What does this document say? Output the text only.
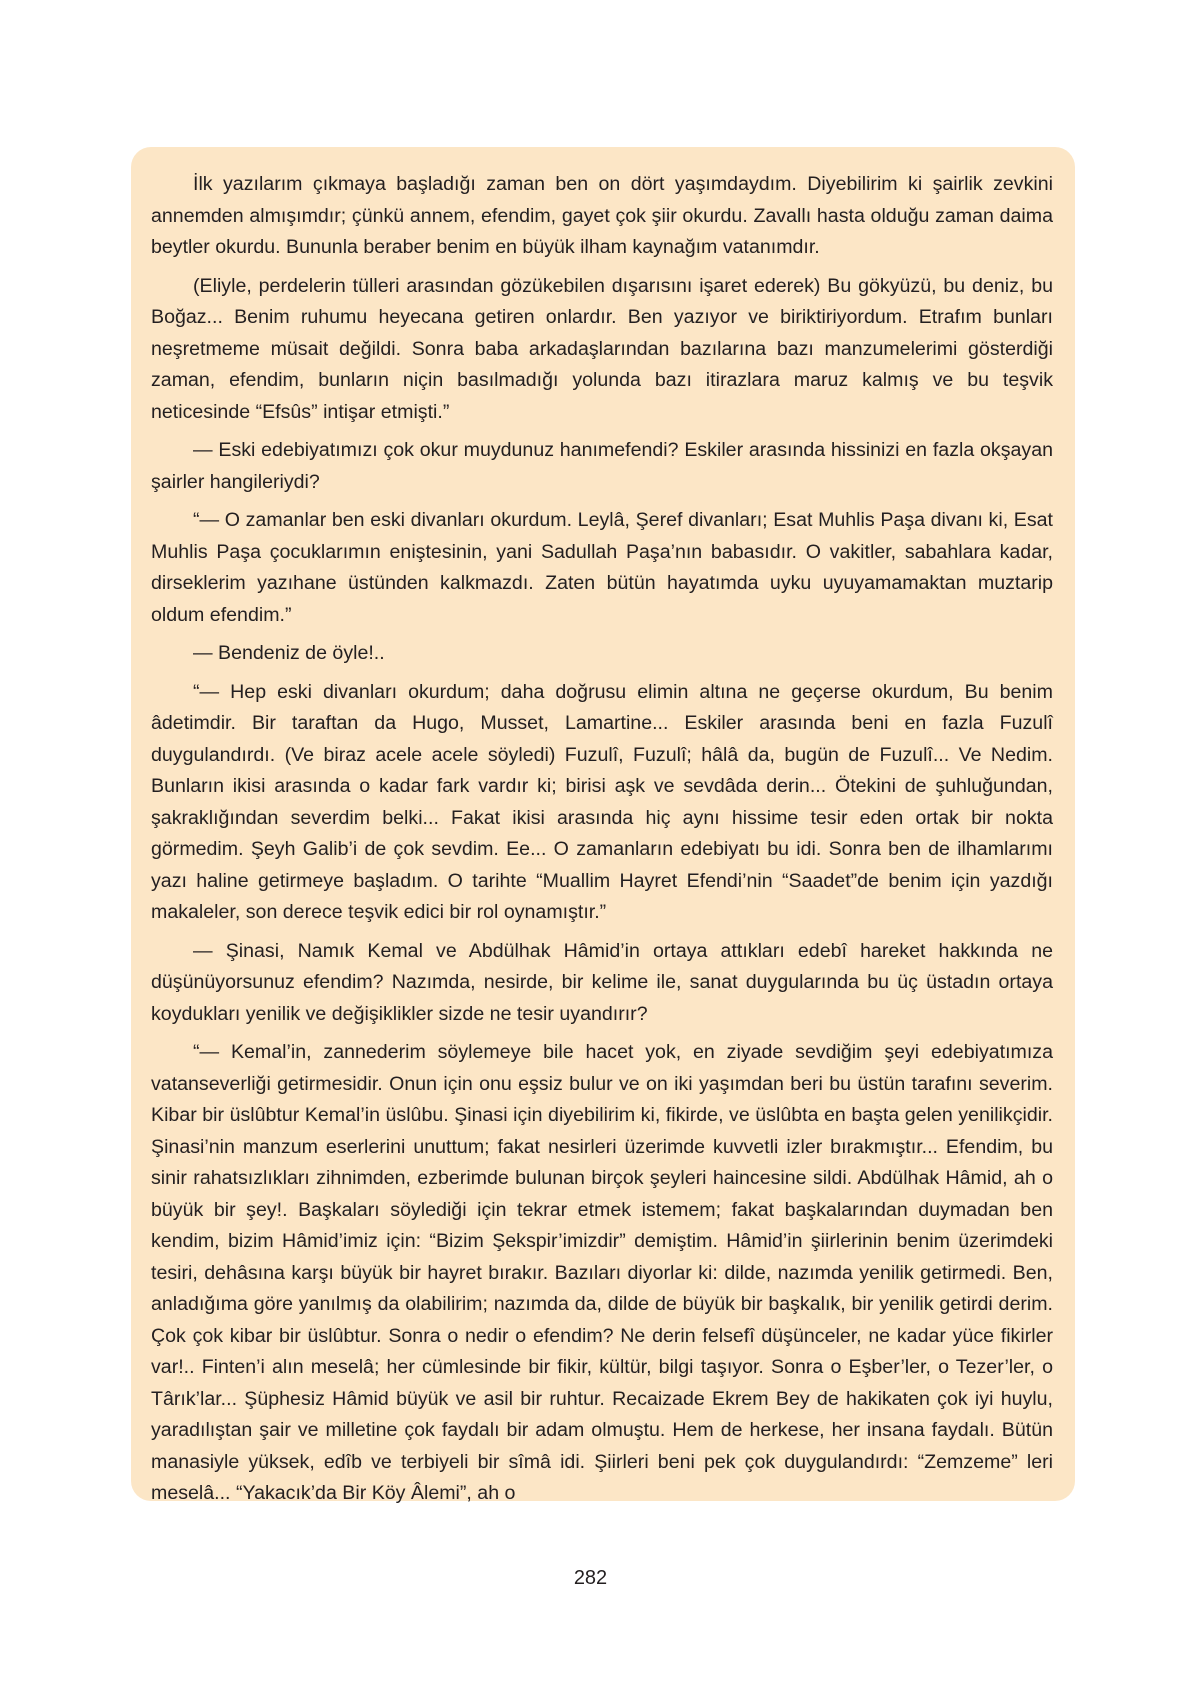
İlk yazılarım çıkmaya başladığı zaman ben on dört yaşımdaydım. Diyebilirim ki şairlik zevkini annemden almışımdır; çünkü annem, efendim, gayet çok şiir okurdu. Zavallı hasta olduğu zaman daima beytler okurdu. Bununla beraber benim en büyük ilham kaynağım vatanımdır.

(Eliyle, perdelerin tülleri arasından gözükebilen dışarısını işaret ederek) Bu gökyüzü, bu deniz, bu Boğaz... Benim ruhumu heyecana getiren onlardır. Ben yazıyor ve biriktiriyordum. Etrafım bunları neşretmeme müsait değildi. Sonra baba arkadaşlarından bazılarına bazı manzumelerimi gösterdiği zaman, efendim, bunların niçin basılmadığı yolunda bazı itirazlara maruz kalmış ve bu teşvik neticesinde “Efsûs” intişar etmişti.”

— Eski edebiyatımızı çok okur muydunuz hanımefendi? Eskiler arasında hissinizi en fazla okşayan şairler hangileriydi?

“— O zamanlar ben eski divanları okurdum. Leylâ, Şeref divanları; Esat Muhlis Paşa divanı ki, Esat Muhlis Paşa çocuklarımın eniştesinin, yani Sadullah Paşa’nın babasıdır. O vakitler, sabahlara kadar, dirseklerim yazıhane üstünden kalkmazdı. Zaten bütün hayatımda uyku uyuyamamaktan muztarip oldum efendim.”

— Bendeniz de öyle!..

“— Hep eski divanları okurdum; daha doğrusu elimin altına ne geçerse okurdum, Bu benim âdetimdir. Bir taraftan da Hugo, Musset, Lamartine... Eskiler arasında beni en fazla Fuzulî duygulandırdı. (Ve biraz acele acele söyledi) Fuzulî, Fuzulî; hâlâ da, bugün de Fuzulî... Ve Nedim. Bunların ikisi arasında o kadar fark vardır ki; birisi aşk ve sevdâda derin... Ötekini de şuhluğundan, şakraklığından severdim belki... Fakat ikisi arasında hiç aynı hissime tesir eden ortak bir nokta görmedim. Şeyh Galib’i de çok sevdim. Ee... O zamanların edebiyatı bu idi. Sonra ben de ilhamlarımı yazı haline getirmeye başladım. O tarihte “Muallim Hayret Efendi’nin “Saadet”de benim için yazdığı makaleler, son derece teşvik edici bir rol oynamıştır.”

— Şinasi, Namık Kemal ve Abdülhak Hâmid’in ortaya attıkları edebî hareket hakkında ne düşünüyorsunuz efendim? Nazımda, nesirde, bir kelime ile, sanat duygularında bu üç üstadın ortaya koydukları yenilik ve değişiklikler sizde ne tesir uyandırır?

“— Kemal’in, zannederim söylemeye bile hacet yok, en ziyade sevdiğim şeyi edebiyatımıza vatanseverliği getirmesidir. Onun için onu eşsiz bulur ve on iki yaşımdan beri bu üstün tarafını severim. Kibar bir üslûbtur Kemal’in üslûbu. Şinasi için diyebilirim ki, fikirde, ve üslûbta en başta gelen yenilikçidir. Şinasi’nin manzum eserlerini unuttum; fakat nesirleri üzerimde kuvvetli izler bırakmıştır... Efendim, bu sinir rahatsızlıkları zihnimden, ezberimde bulunan birçok şeyleri haincesine sildi. Abdülhak Hâmid, ah o büyük bir şey!. Başkaları söylediği için tekrar etmek istemem; fakat başkalarından duymadan ben kendim, bizim Hâmid’imiz için: “Bizim Şekspir’imizdir” demiştim. Hâmid’in şiirlerinin benim üzerimdeki tesiri, dehâsına karşı büyük bir hayret bırakır. Bazıları diyorlar ki: dilde, nazımda yenilik getirmedi. Ben, anladığıma göre yanılmış da olabilirim; nazımda da, dilde de büyük bir başkalık, bir yenilik getirdi derim. Çok çok kibar bir üslûbtur. Sonra o nedir o efendim? Ne derin felsefî düşünceler, ne kadar yüce fikirler var!.. Finten’i alın meselâ; her cümlesinde bir fikir, kültür, bilgi taşıyor. Sonra o Eşber’ler, o Tezer’ler, o Târık’lar... Şüphesiz Hâmid büyük ve asil bir ruhtur. Recaizade Ekrem Bey de hakikaten çok iyi huylu, yaradılıştan şair ve milletine çok faydalı bir adam olmuştu. Hem de herkese, her insana faydalı. Bütün manasiyle yüksek, edîb ve terbiyeli bir sîmâ idi. Şiirleri beni pek çok duygulandırdı: “Zemzeme” leri meselâ... “Yakacık’da Bir Köy Âlemi”, ah o

282
